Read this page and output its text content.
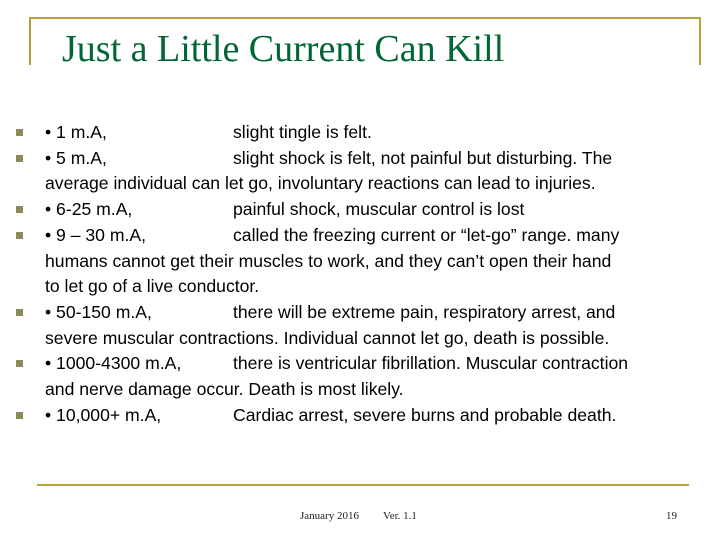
Just a Little Current Can Kill
• 1 m.A,	slight tingle is felt.
• 5 m.A,	slight shock is felt, not painful but disturbing. The
average individual can let go, involuntary reactions can lead to injuries.
• 6-25 m.A,	painful shock, muscular control is lost
• 9 – 30 m.A,	called the freezing current or “let-go” range. many
humans cannot get their muscles to work, and they can’t open their hand
to let go of a live conductor.
• 50-150 m.A,	there will be extreme pain, respiratory arrest, and
severe muscular contractions. Individual cannot let go, death is possible.
• 1000-4300 m.A,	there is ventricular fibrillation. Muscular contraction
and nerve damage occur. Death is most likely.
• 10,000+ m.A,	Cardiac arrest, severe burns and probable death.
January 2016 Ver. 1.1	19
